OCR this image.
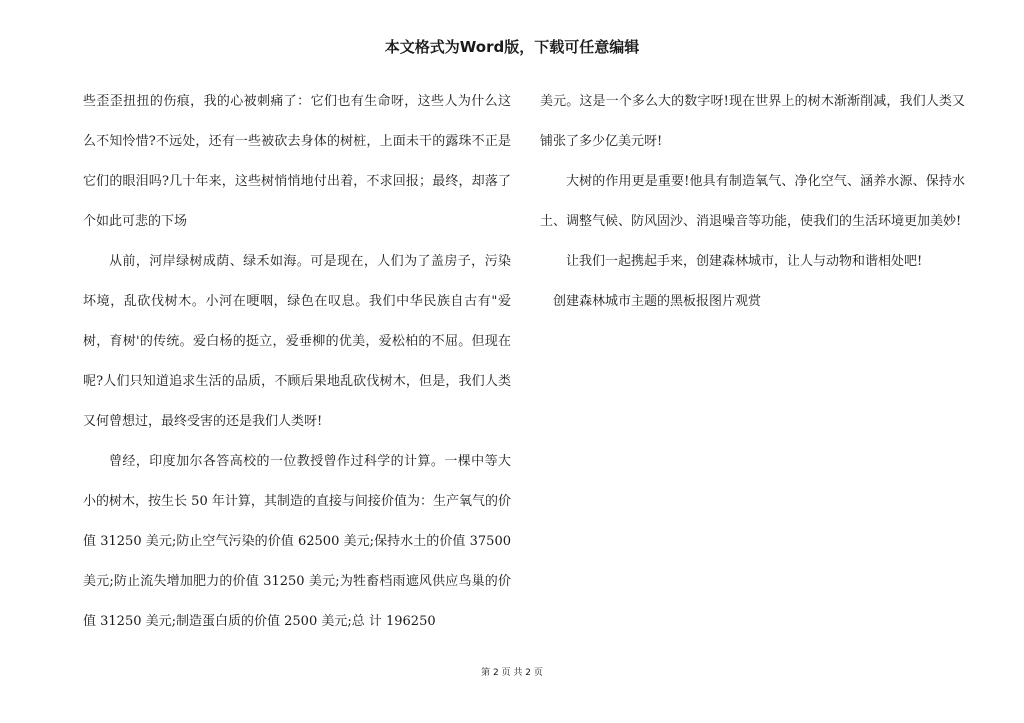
本文格式为Word版，下载可任意编辑

些歪歪扭扭的伤痕，我的心被刺痛了：它们也有生命呀，这些人为什么这么不知怜惜?不远处，还有一些被砍去身体的树桩，上面未干的露珠不正是它们的眼泪吗?几十年来，这些树悄悄地付出着，不求回报；最终，却落了个如此可悲的下场

从前，河岸绿树成荫、绿禾如海。可是现在，人们为了盖房子，污染坏境，乱砍伐树木。小河在哽咽，绿色在叹息。我们中华民族自古有"爱树，育树'的传统。爱白杨的挺立，爱垂柳的优美，爱松柏的不屈。但现在呢?人们只知道追求生活的品质，不顾后果地乱砍伐树木，但是，我们人类又何曾想过，最终受害的还是我们人类呀!

曾经，印度加尔各答高校的一位教授曾作过科学的计算。一棵中等大小的树木，按生长 50 年计算，其制造的直接与间接价值为：生产氧气的价值 31250 美元;防止空气污染的价值 62500 美元;保持水土的价值 37500 美元;防止流失增加肥力的价值 31250 美元;为牲畜档雨遮风供应鸟巢的价值 31250 美元;制造蛋白质的价值 2500 美元;总 计 196250

美元。这是一个多么大的数字呀!现在世界上的树木渐渐削减，我们人类又铺张了多少亿美元呀!

大树的作用更是重要!他具有制造氧气、净化空气、涵养水源、保持水土、调整气候、防风固沙、消退噪音等功能，使我们的生活环境更加美妙!

让我们一起携起手来，创建森林城市，让人与动物和谐相处吧!

创建森林城市主题的黑板报图片观赏

第 2 页 共 2 页
